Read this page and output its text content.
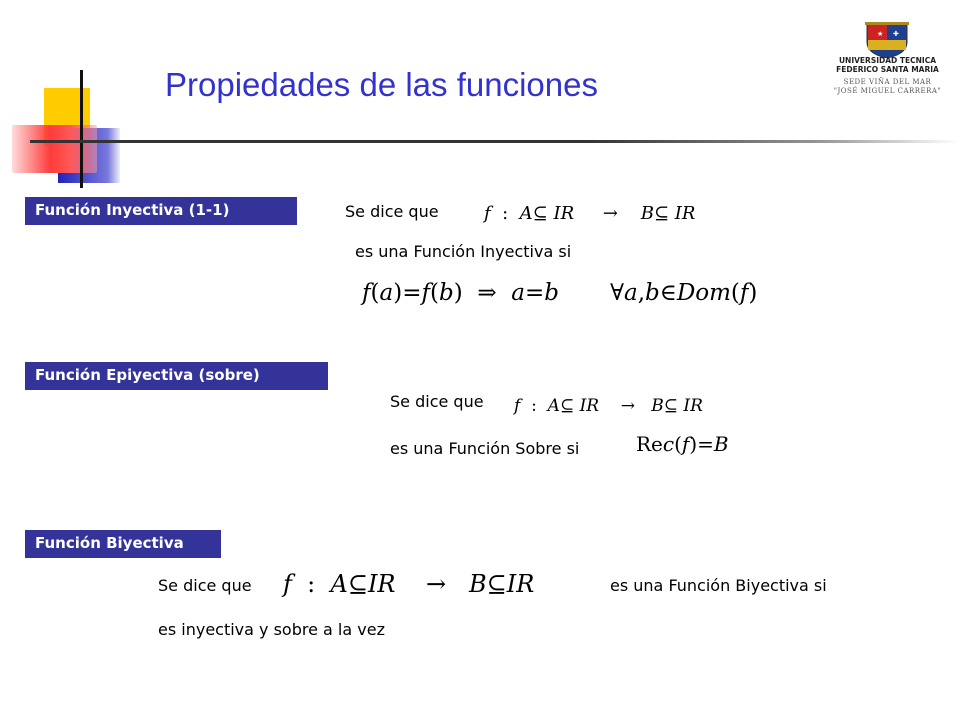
Propiedades de las funciones
★ ✚
UNIVERSIDAD TECNICA
FEDERICO SANTA MARIA
SEDE VIÑA DEL MAR
"JOSÉ MIGUEL CARRERA"
Función Inyectiva (1-1)	Se dice que	f  :  A⊆ IR     →    B⊆ IR
es una Función Inyectiva si
f(a)=f(b) ⇒  a=b       ∀a,b∈Dom(f)
Función Epiyectiva (sobre)
Se dice que f  :  A⊆ IR    →   B⊆ IR
es una Función Sobre si	Rec(f)=B
Función Biyectiva
Se dice que f  :  A⊆IR    →   B⊆IR	es una Función Biyectiva si
es inyectiva y sobre a la vez
